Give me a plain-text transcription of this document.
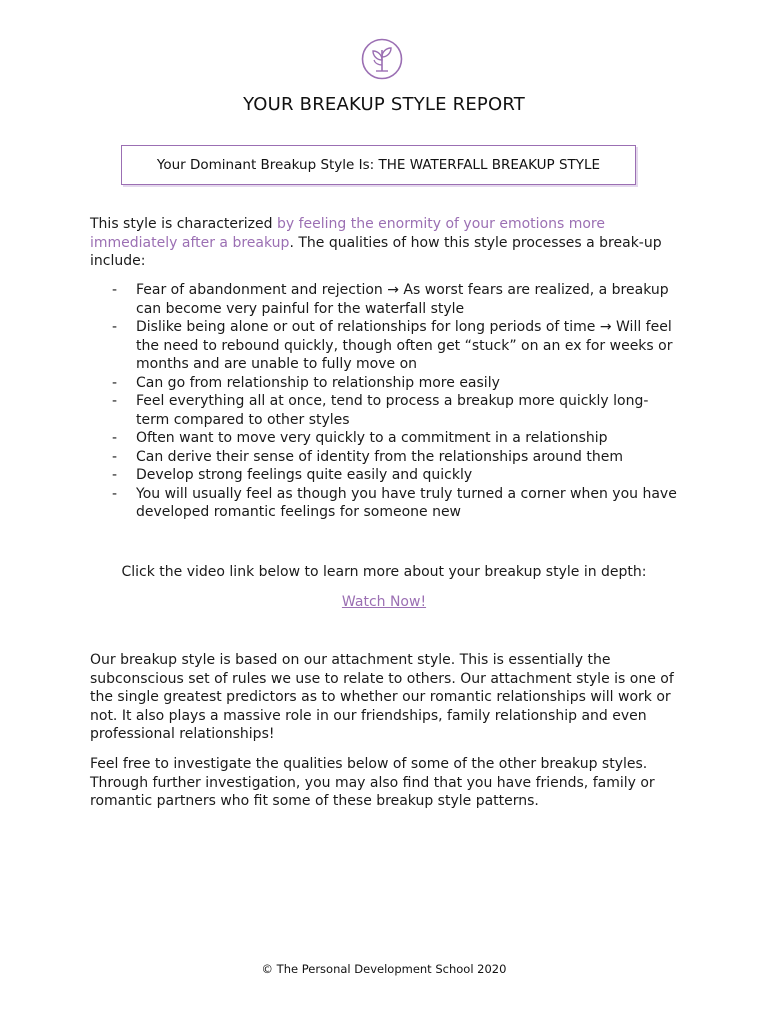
YOUR BREAKUP STYLE REPORT
Your Dominant Breakup Style Is: THE WATERFALL BREAKUP STYLE

This style is characterized by feeling the enormity of your emotions more immediately after a breakup. The qualities of how this style processes a break-up include:

- Fear of abandonment and rejection → As worst fears are realized, a breakup can become very painful for the waterfall style
- Dislike being alone or out of relationships for long periods of time → Will feel the need to rebound quickly, though often get “stuck” on an ex for weeks or months and are unable to fully move on
- Can go from relationship to relationship more easily
- Feel everything all at once, tend to process a breakup more quickly long-term compared to other styles
- Often want to move very quickly to a commitment in a relationship
- Can derive their sense of identity from the relationships around them
- Develop strong feelings quite easily and quickly
- You will usually feel as though you have truly turned a corner when you have developed romantic feelings for someone new
Click the video link below to learn more about your breakup style in depth:
Watch Now!

Our breakup style is based on our attachment style. This is essentially the subconscious set of rules we use to relate to others. Our attachment style is one of the single greatest predictors as to whether our romantic relationships will work or not. It also plays a massive role in our friendships, family relationship and even professional relationships!

Feel free to investigate the qualities below of some of the other breakup styles. Through further investigation, you may also find that you have friends, family or romantic partners who fit some of these breakup style patterns.

© The Personal Development School 2020
